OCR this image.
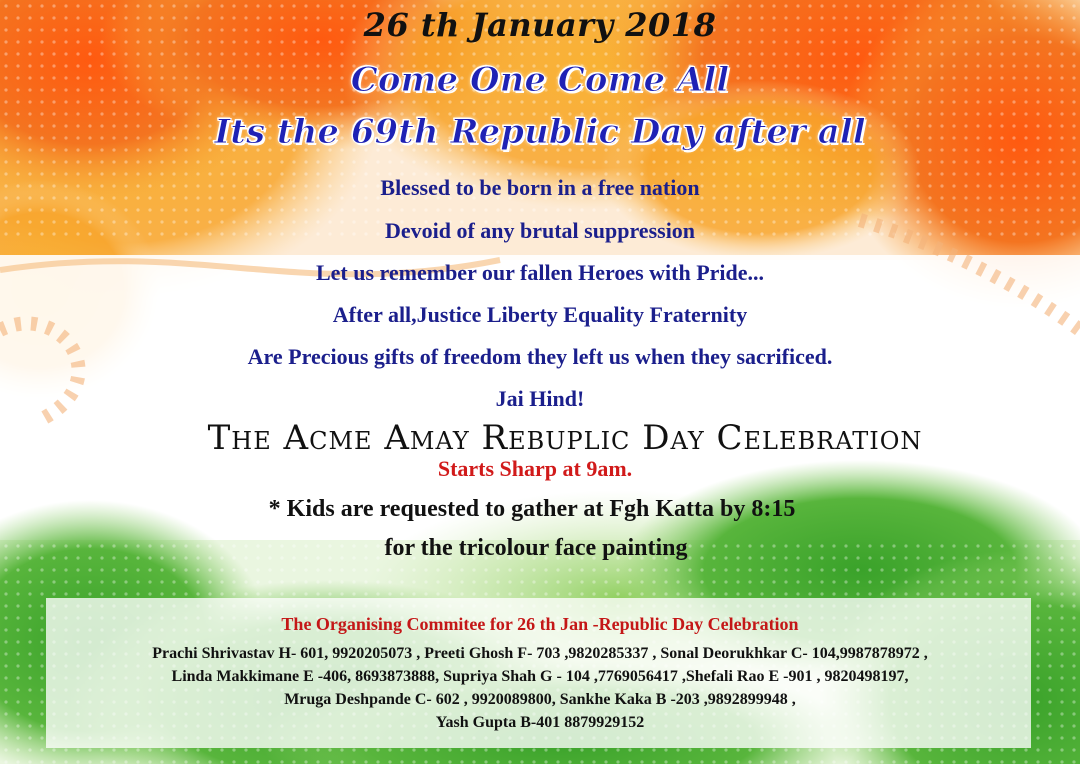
26 th January 2018

Come One Come All

Its the 69th Republic Day after all

Blessed to be born in a free nation

Devoid of any brutal suppression

Let us remember our fallen Heroes with Pride...

After all,Justice Liberty Equality Fraternity

Are Precious gifts of freedom they left us when they sacrificed.

Jai Hind!

The Acme Amay Rebuplic Day Celebration

Starts Sharp at 9am.

* Kids are requested to gather at Fgh Katta by 8:15

for the tricolour face painting

The Organising Commitee for 26 th Jan -Republic Day Celebration

Prachi Shrivastav H- 601, 9920205073 , Preeti Ghosh F- 703 ,9820285337 , Sonal Deorukhkar C- 104,9987878972 ,

Linda Makkimane E -406, 8693873888, Supriya Shah G - 104 ,7769056417 ,Shefali Rao E -901 , 9820498197,

Mruga Deshpande C- 602 , 9920089800, Sankhe Kaka B -203 ,9892899948 ,

Yash Gupta B-401 8879929152
